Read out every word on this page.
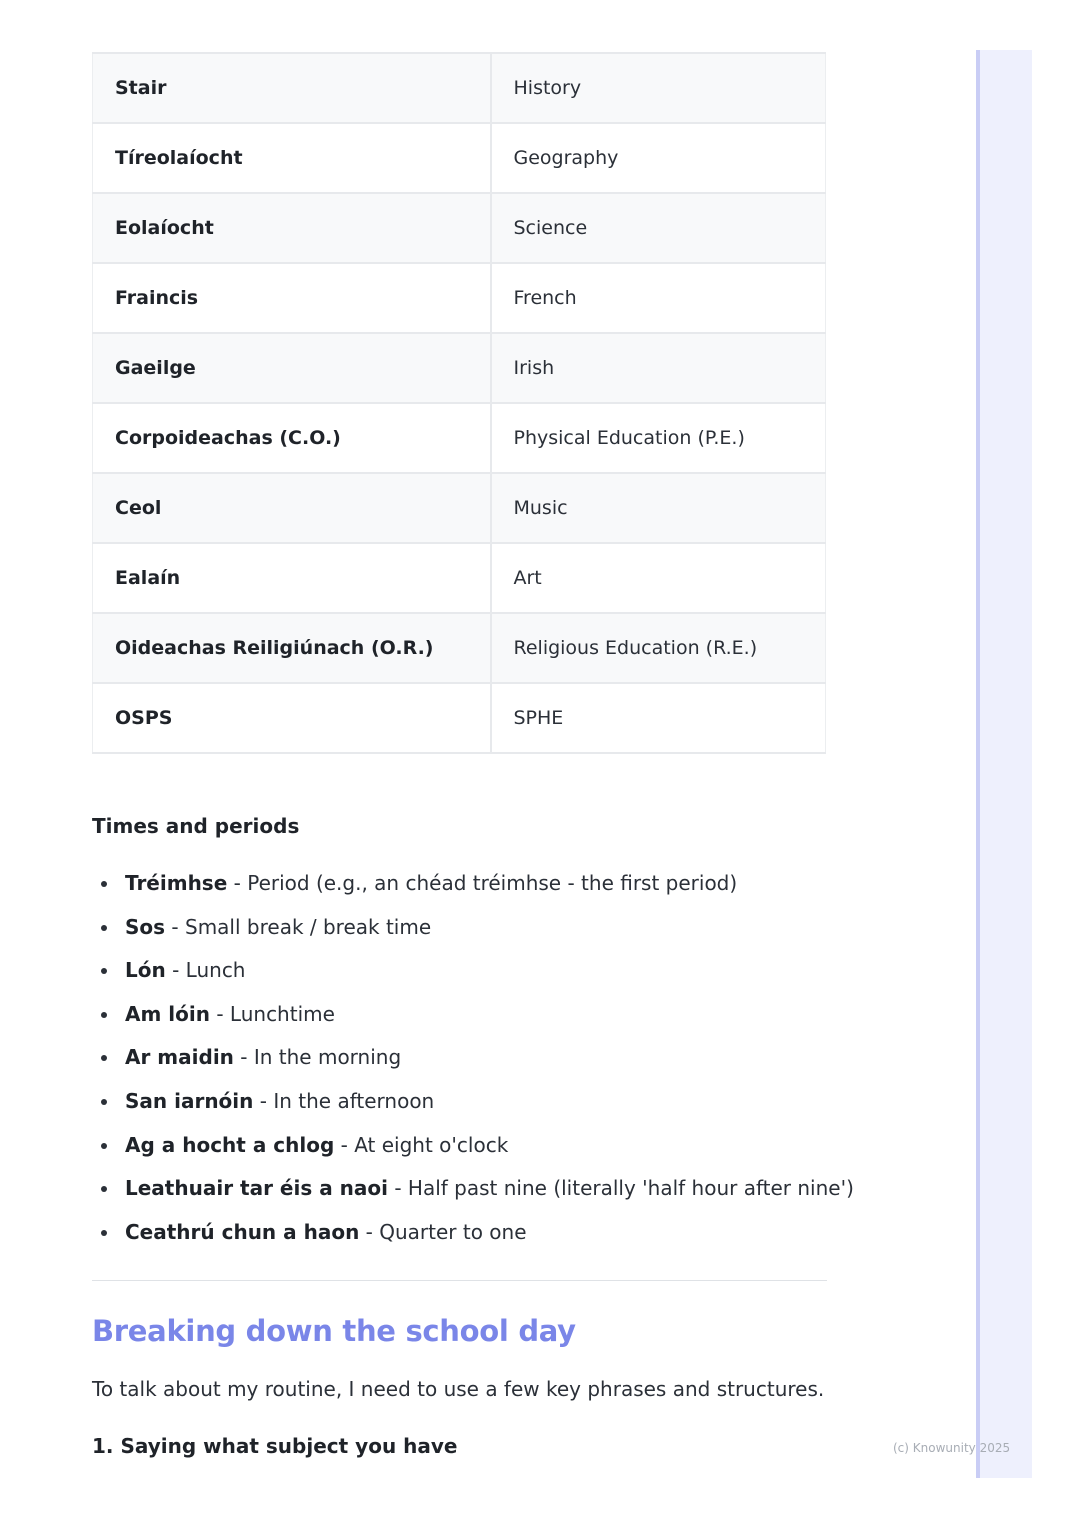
Stair	History
Tíreolaíocht	Geography
Eolaíocht	Science
Fraincis	French
Gaeilge	Irish
Corpoideachas (C.O.)	Physical Education (P.E.)
Ceol	Music
Ealaín	Art
Oideachas Reiligiúnach (O.R.)	Religious Education (R.E.)
OSPS	SPHE
Times and periods
Tréimhse - Period (e.g., an chéad tréimhse - the first period)
Sos - Small break / break time
Lón - Lunch
Am lóin - Lunchtime
Ar maidin - In the morning
San iarnóin - In the afternoon
Ag a hocht a chlog - At eight o'clock
Leathuair tar éis a naoi - Half past nine (literally 'half hour after nine')
Ceathrú chun a haon - Quarter to one
Breaking down the school day
To talk about my routine, I need to use a few key phrases and structures.
1. Saying what subject you have	(c) Knowunity 2025
